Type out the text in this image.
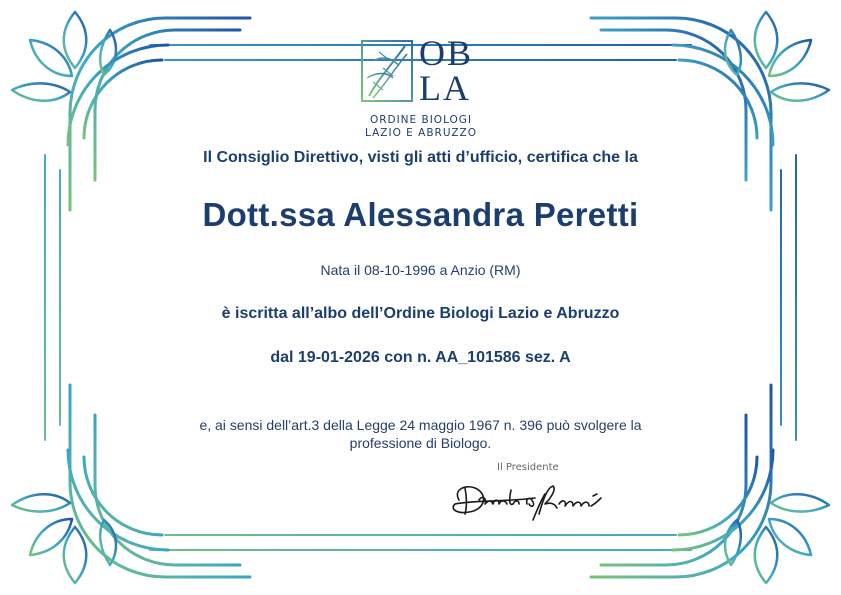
OB
LA
ORDINE BIOLOGI
LAZIO E ABRUZZO
Il Consiglio Direttivo, visti gli atti d’ufficio, certifica che la
Dott.ssa Alessandra Peretti
Nata il 08-10-1996 a Anzio (RM)
è iscritta all’albo dell’Ordine Biologi Lazio e Abruzzo
dal 19-01-2026 con n. AA_101586 sez. A
e, ai sensi dell’art.3 della Legge 24 maggio 1967 n. 396 può svolgere la
professione di Biologo.
Il Presidente
